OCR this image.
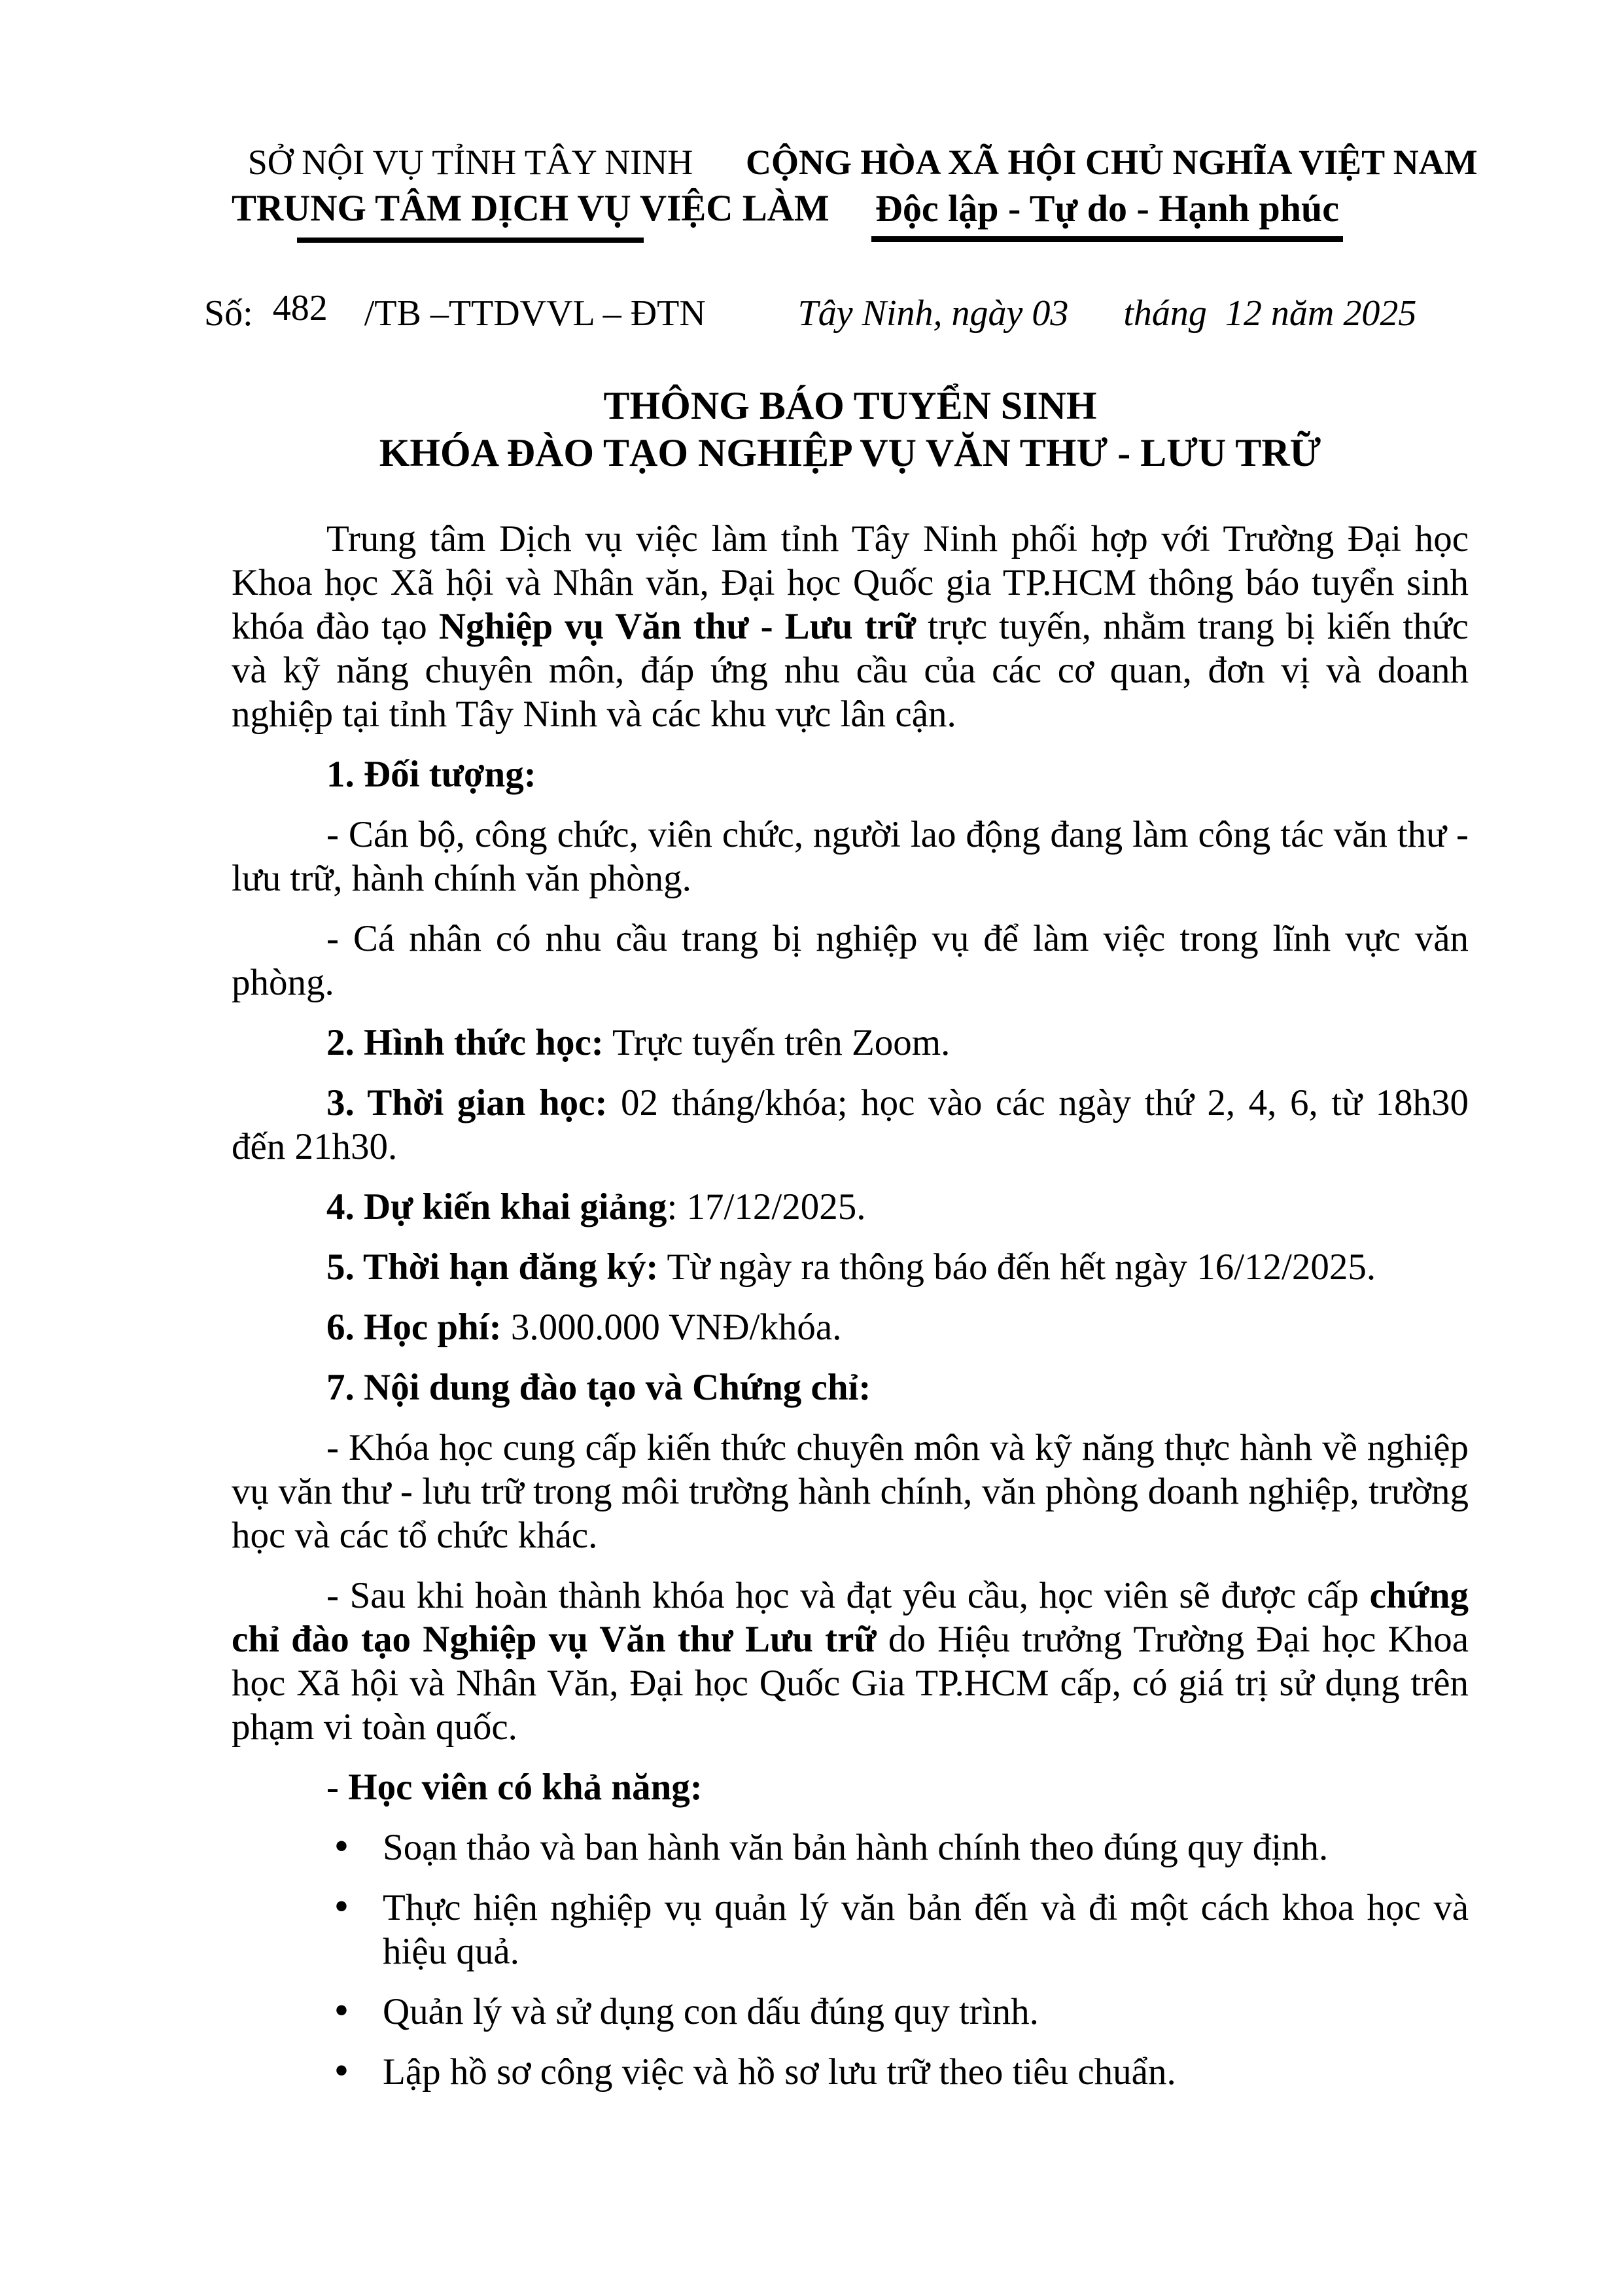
SỞ NỘI VỤ TỈNH TÂY NINH
TRUNG TÂM DỊCH VỤ VIỆC LÀM
CỘNG HÒA XÃ HỘI CHỦ NGHĨA VIỆT NAM
Độc lập - Tự do - Hạnh phúc
Số: 482 /TB –TTDVVL – ĐTN	Tây Ninh, ngày 03      tháng  12 năm 2025
THÔNG BÁO TUYỂN SINH
KHÓA ĐÀO TẠO NGHIỆP VỤ VĂN THƯ - LƯU TRỮ

Trung tâm Dịch vụ việc làm tỉnh Tây Ninh phối hợp với Trường Đại học Khoa học Xã hội và Nhân văn, Đại học Quốc gia TP.HCM thông báo tuyển sinh khóa đào tạo Nghiệp vụ Văn thư - Lưu trữ trực tuyến, nhằm trang bị kiến thức và kỹ năng chuyên môn, đáp ứng nhu cầu của các cơ quan, đơn vị và doanh nghiệp tại tỉnh Tây Ninh và các khu vực lân cận.

1. Đối tượng:

- Cán bộ, công chức, viên chức, người lao động đang làm công tác văn thư - lưu trữ, hành chính văn phòng.

- Cá nhân có nhu cầu trang bị nghiệp vụ để làm việc trong lĩnh vực văn phòng.

2. Hình thức học: Trực tuyến trên Zoom.

3. Thời gian học: 02 tháng/khóa; học vào các ngày thứ 2, 4, 6, từ 18h30 đến 21h30.

4. Dự kiến khai giảng: 17/12/2025.

5. Thời hạn đăng ký: Từ ngày ra thông báo đến hết ngày 16/12/2025.

6. Học phí: 3.000.000 VNĐ/khóa.

7. Nội dung đào tạo và Chứng chỉ:

- Khóa học cung cấp kiến thức chuyên môn và kỹ năng thực hành về nghiệp vụ văn thư - lưu trữ trong môi trường hành chính, văn phòng doanh nghiệp, trường học và các tổ chức khác.

- Sau khi hoàn thành khóa học và đạt yêu cầu, học viên sẽ được cấp chứng chỉ đào tạo Nghiệp vụ Văn thư Lưu trữ do Hiệu trưởng Trường Đại học Khoa học Xã hội và Nhân Văn, Đại học Quốc Gia TP.HCM cấp, có giá trị sử dụng trên phạm vi toàn quốc.

- Học viên có khả năng:

• Soạn thảo và ban hành văn bản hành chính theo đúng quy định.
• Thực hiện nghiệp vụ quản lý văn bản đến và đi một cách khoa học và hiệu quả.
• Quản lý và sử dụng con dấu đúng quy trình.
• Lập hồ sơ công việc và hồ sơ lưu trữ theo tiêu chuẩn.
